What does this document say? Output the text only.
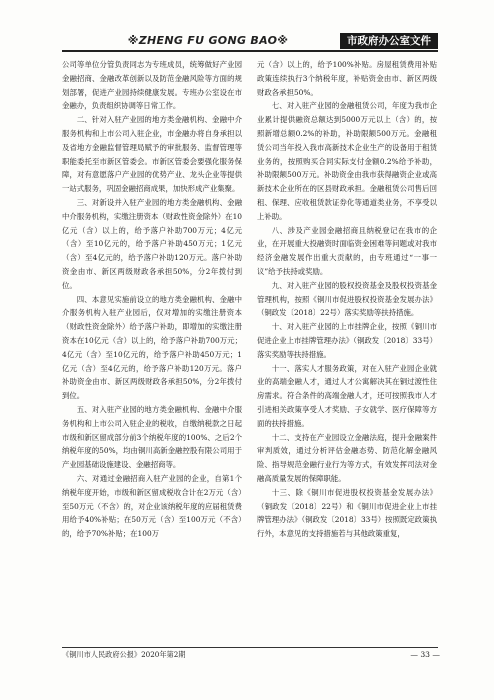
※ZHENG FU GONG BAO※	市政府办公室文件

公司等单位分管负责同志为专班成员，统筹做好产业园金融招商、金融改革创新以及防范金融风险等方面的规划部署，促进产业园持续健康发展。专班办公室设在市金融办，负责组织协调等日常工作。

二、针对入驻产业园的地方类金融机构、金融中介服务机构和上市公司入驻企业，市金融办将自身承担以及省地方金融监督管理局赋予的审批服务、监督管理等职能委托至市新区管委会。市新区管委会要强化服务保障，对有意愿落户产业园的优势产业、龙头企业等提供一站式服务，巩固金融招商成果，加快形成产业集聚。

三、对新设并入驻产业园的地方类金融机构、金融中介服务机构，实缴注册资本（财政性资金除外）在10亿元（含）以上的，给予落户补助700万元；4亿元（含）至10亿元的，给予落户补助450万元；1亿元（含）至4亿元的，给予落户补助120万元。落户补助资金由市、新区两级财政各承担50%，分2年拨付到位。

四、本意见实施前设立的地方类金融机构、金融中介服务机构入驻产业园后，仅对增加的实缴注册资本（财政性资金除外）给予落户补助，即增加的实缴注册资本在10亿元（含）以上的，给予落户补助700万元；4亿元（含）至10亿元的，给予落户补助450万元；1亿元（含）至4亿元的，给予落户补助120万元。落户补助资金由市、新区两级财政各承担50%，分2年拨付到位。

五、对入驻产业园的地方类金融机构、金融中介服务机构和上市公司入驻企业的税收，自缴纳税款之日起市级和新区留成部分前3个纳税年度的100%、之后2个纳税年度的50%，均由铜川高新金融控股有限公司用于产业园基础设施建设、金融招商等。

六、对通过金融招商入驻产业园的企业，自第1个纳税年度开始，市级和新区留成税收合计在2万元（含）至50万元（不含）的，对企业该纳税年度的应届租赁费用给予40%补贴；在50万元（含）至100万元（不含）的，给予70%补贴；在100万

元（含）以上的，给予100%补贴。房屋租赁费用补贴政策连续执行3个纳税年度，补贴资金由市、新区两级财政各承担50%。

七、对入驻产业园的金融租赁公司，年度为我市企业累计提供融资总额达到5000万元以上（含）的，按照新增总额0.2%的补助，补助限额500万元。金融租赁公司当年投入我市高新技术企业生产的设备用于租赁业务的，按照购买合同实际支付金额0.2%给予补助，补助限额500万元。补助资金由我市获得融资企业或高新技术企业所在的区县财政承担。金融租赁公司售后回租、保理、应收租赁款证券化等通道类业务，不享受以上补助。

八、涉及产业园金融招商且纳税登记在我市的企业，在开展重大投融资时面临资金困难等问题或对我市经济金融发展作出重大贡献的，由专班通过“一事一议”给予扶持或奖励。

九、对入驻产业园的股权投资基金及股权投资基金管理机构，按照《铜川市促进股权投资基金发展办法》（铜政发〔2018〕22号）落实奖励等扶持措施。

十、对入驻产业园的上市挂牌企业，按照《铜川市促进企业上市挂牌管理办法》（铜政发〔2018〕33号）落实奖励等扶持措施。

十一、落实人才服务政策，对在入驻产业园企业就业的高端金融人才，通过人才公寓解决其在铜过渡性住房需求。符合条件的高端金融人才，还可按照我市人才引进相关政策享受人才奖励、子女就学、医疗保障等方面的扶持措施。

十二、支持在产业园设立金融法庭，提升金融案件审判质效，通过分析评估金融态势、防范化解金融风险、指导规范金融行业行为等方式，有效发挥司法对金融高质量发展的保障职能。

十三、除《铜川市促进股权投资基金发展办法》（铜政发〔2018〕22号）和《铜川市促进企业上市挂牌管理办法》（铜政发〔2018〕33号）按照既定政策执行外，本意见的支持措施若与其他政策重复，

《铜川市人民政府公报》2020年第2期	— 33 —
